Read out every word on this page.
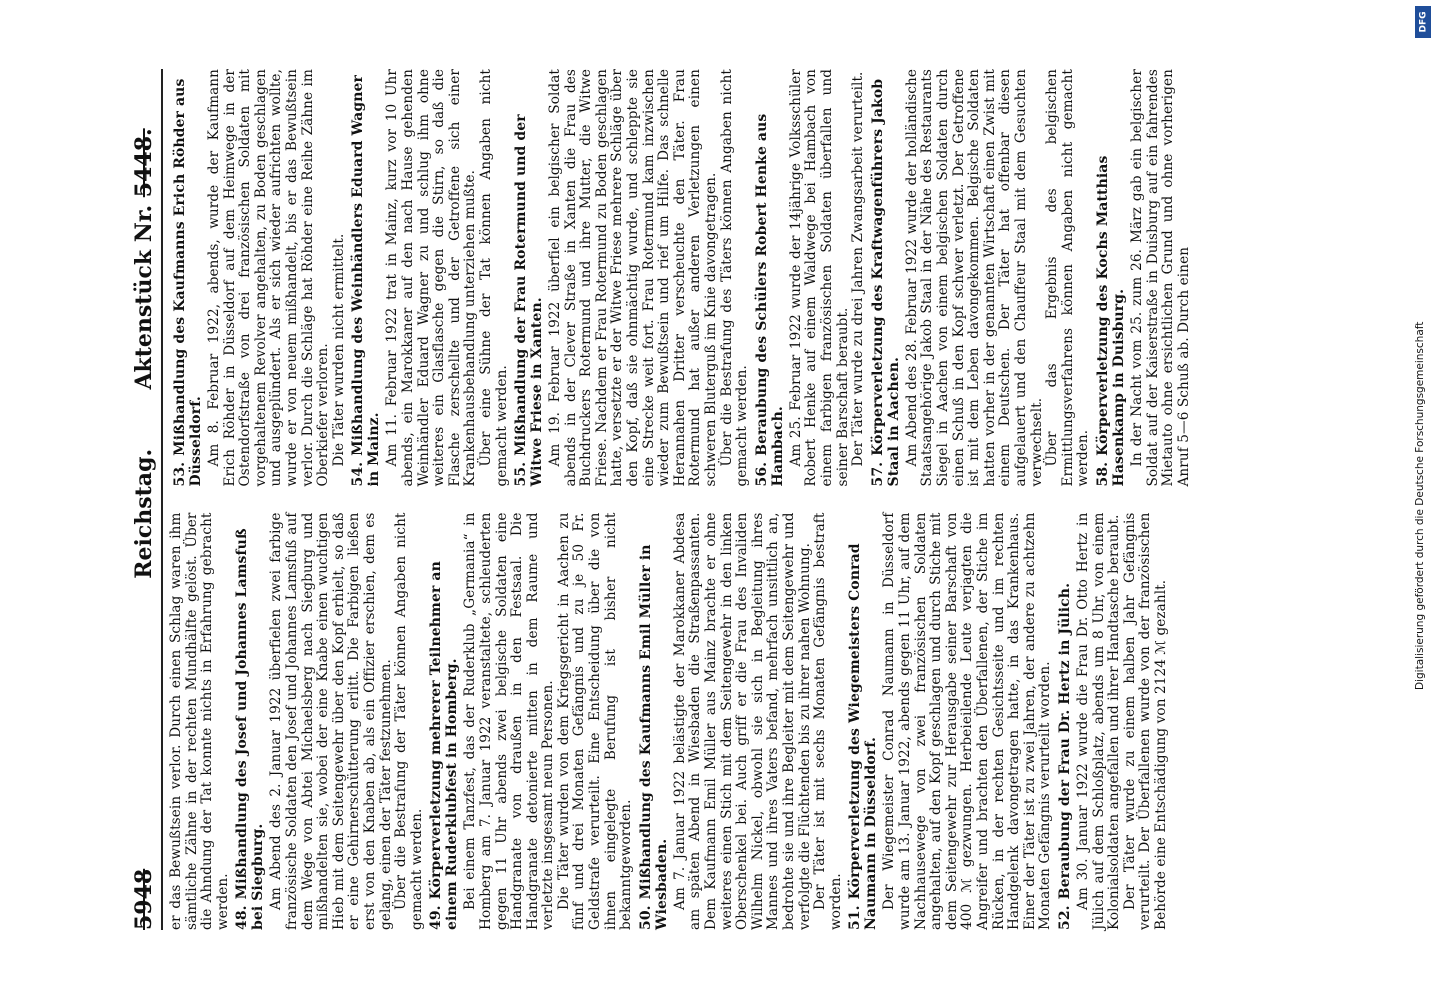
5948
Reichstag.
Aktenstück Nr. 5448.

er das Bewußtsein verlor. Durch einen Schlag waren ihm sämtliche Zähne in der rechten Mundhälfte gelöst. Über die Ahndung der Tat konnte nichts in Erfahrung gebracht werden. 48.Mißhandlung des Josef und Johannes Lamsfuß bei Siegburg. Am Abend des 2. Januar 1922 überfielen zwei farbige französische Soldaten den Josef und Johannes Lamsfuß auf dem Wege von Abtei Michaelsberg nach Siegburg und mißhandelten sie, wobei der eine Knabe einen wuchtigen Hieb mit dem Seitengewehr über den Kopf erhielt, so daß er eine Gehirnerschütterung erlitt. Die Farbigen ließen erst von den Knaben ab, als ein Offizier erschien, dem es gelang, einen der Täter festzunehmen. Über die Bestrafung der Täter können Angaben nicht gemacht werden. 49.Körperverletzung mehrerer Teilnehmer an einem Ruderklubfest in Homberg. Bei einem Tanzfest, das der Ruderklub „Germania“ in Homberg am 7. Januar 1922 veranstaltete, schleuderten gegen 11 Uhr abends zwei belgische Soldaten eine Handgranate von draußen in den Festsaal. Die Handgranate detonierte mitten in dem Raume und verletzte insgesamt neun Personen. Die Täter wurden von dem Kriegsgericht in Aachen zu fünf und drei Monaten Gefängnis und zu je 50 Fr. Geldstrafe verurteilt. Eine Entscheidung über die von ihnen eingelegte Berufung ist bisher nicht bekanntgeworden. 50.Mißhandlung des Kaufmanns Emil Müller in Wiesbaden. Am 7. Januar 1922 belästigte der Marokkaner Abdesa am späten Abend in Wiesbaden die Straßenpassanten. Dem Kaufmann Emil Müller aus Mainz brachte er ohne weiteres einen Stich mit dem Seitengewehr in den linken Oberschenkel bei. Auch griff er die Frau des Invaliden Wilhelm Nickel, obwohl sie sich in Begleitung ihres Mannes und ihres Vaters befand, mehrfach unsittlich an, bedrohte sie und ihre Begleiter mit dem Seitengewehr und verfolgte die Flüchtenden bis zu ihrer nahen Wohnung. Der Täter ist mit sechs Monaten Gefängnis bestraft worden. 51.Körperverletzung des Wiegemeisters Conrad Naumann in Düsseldorf. Der Wiegemeister Conrad Naumann in Düsseldorf wurde am 13. Januar 1922, abends gegen 11 Uhr, auf dem Nachhausewege von zwei französischen Soldaten angehalten, auf den Kopf geschlagen und durch Stiche mit dem Seitengewehr zur Herausgabe seiner Barschaft von 400 ℳ gezwungen. Herbeieilende Leute verjagten die Angreifer und brachten den Überfallenen, der Stiche im Rücken, in der rechten Gesichtsseite und im rechten Handgelenk davongetragen hatte, in das Krankenhaus. Einer der Täter ist zu zwei Jahren, der andere zu achtzehn Monaten Gefängnis verurteilt worden. 52.Beraubung der Frau Dr. Hertz in Jülich. Am 30. Januar 1922 wurde die Frau Dr. Otto Hertz in Jülich auf dem Schloßplatz, abends um 8 Uhr, von einem Kolonialsoldaten angefallen und ihrer Handtasche beraubt. Der Täter wurde zu einem halben Jahr Gefängnis verurteilt. Der Überfallenen wurde von der französischen Behörde eine Entschädigung von 2124 ℳ gezahlt.

53.Mißhandlung des Kaufmanns Erich Röhder aus Düsseldorf. Am 8. Februar 1922, abends, wurde der Kaufmann Erich Röhder in Düsseldorf auf dem Heimwege in der Ostendorfstraße von drei französischen Soldaten mit vorgehaltenem Revolver angehalten, zu Boden geschlagen und ausgeplündert. Als er sich wieder aufrichten wollte, wurde er von neuem mißhandelt, bis er das Bewußtsein verlor. Durch die Schläge hat Röhder eine Reihe Zähne im Oberkiefer verloren. Die Täter wurden nicht ermittelt.

54.Mißhandlung des Weinhändlers Eduard Wagner in Mainz. Am 11. Februar 1922 trat in Mainz, kurz vor 10 Uhr abends, ein Marokkaner auf den nach Hause gehenden Weinhändler Eduard Wagner zu und schlug ihm ohne weiteres ein Glasflasche gegen die Stirn, so daß die Flasche zerschellte und der Getroffene sich einer Krankenhausbehandlung unterziehen mußte. Über eine Sühne der Tat können Angaben nicht gemacht werden. 55.Mißhandlung der Frau Rotermund und der Witwe Friese in Xanten. Am 19. Februar 1922 überfiel ein belgischer Soldat abends in der Clever Straße in Xanten die Frau des Buchdruckers Rotermund und ihre Mutter, die Witwe Friese. Nachdem er Frau Rotermund zu Boden geschlagen hatte, versetzte er der Witwe Friese mehrere Schläge über den Kopf, daß sie ohnmächtig wurde, und schleppte sie eine Strecke weit fort. Frau Rotermund kam inzwischen wieder zum Bewußtsein und rief um Hilfe. Das schnelle Herannahen Dritter verscheuchte den Täter. Frau Rotermund hat außer anderen Verletzungen einen schweren Bluterguß im Knie davongetragen. Über die Bestrafung des Täters können Angaben nicht gemacht werden. 56.Beraubung des Schülers Robert Henke aus Hambach. Am 25. Februar 1922 wurde der 14jährige Volksschüler Robert Henke auf einem Waldwege bei Hambach von einem farbigen französischen Soldaten überfallen und seiner Barschaft beraubt. Der Täter wurde zu drei Jahren Zwangsarbeit verurteilt.

57.Körperverletzung des Kraftwagenführers Jakob Staal in Aachen. Am Abend des 28. Februar 1922 wurde der holländische Staatsangehörige Jakob Staal in der Nähe des Restaurants Siegel in Aachen von einem belgischen Soldaten durch einen Schuß in den Kopf schwer verletzt. Der Getroffene ist mit dem Leben davongekommen. Belgische Soldaten hatten vorher in der genannten Wirtschaft einen Zwist mit einem Deutschen. Der Täter hat offenbar diesen aufgelauert und den Chauffeur Staal mit dem Gesuchten verwechselt. Über das Ergebnis des belgischen Ermittlungsverfahrens können Angaben nicht gemacht werden. 58.Körperverletzung des Kochs Matthias Hasenkamp in Duisburg. In der Nacht vom 25. zum 26. März gab ein belgischer Soldat auf der Kaiserstraße in Duisburg auf ein fahrendes Mietauto ohne ersichtlichen Grund und ohne vorherigen Anruf 5—6 Schuß ab. Durch einen

DFG
Digitalisierung gefördert durch die Deutsche Forschungsgemeinschaft
